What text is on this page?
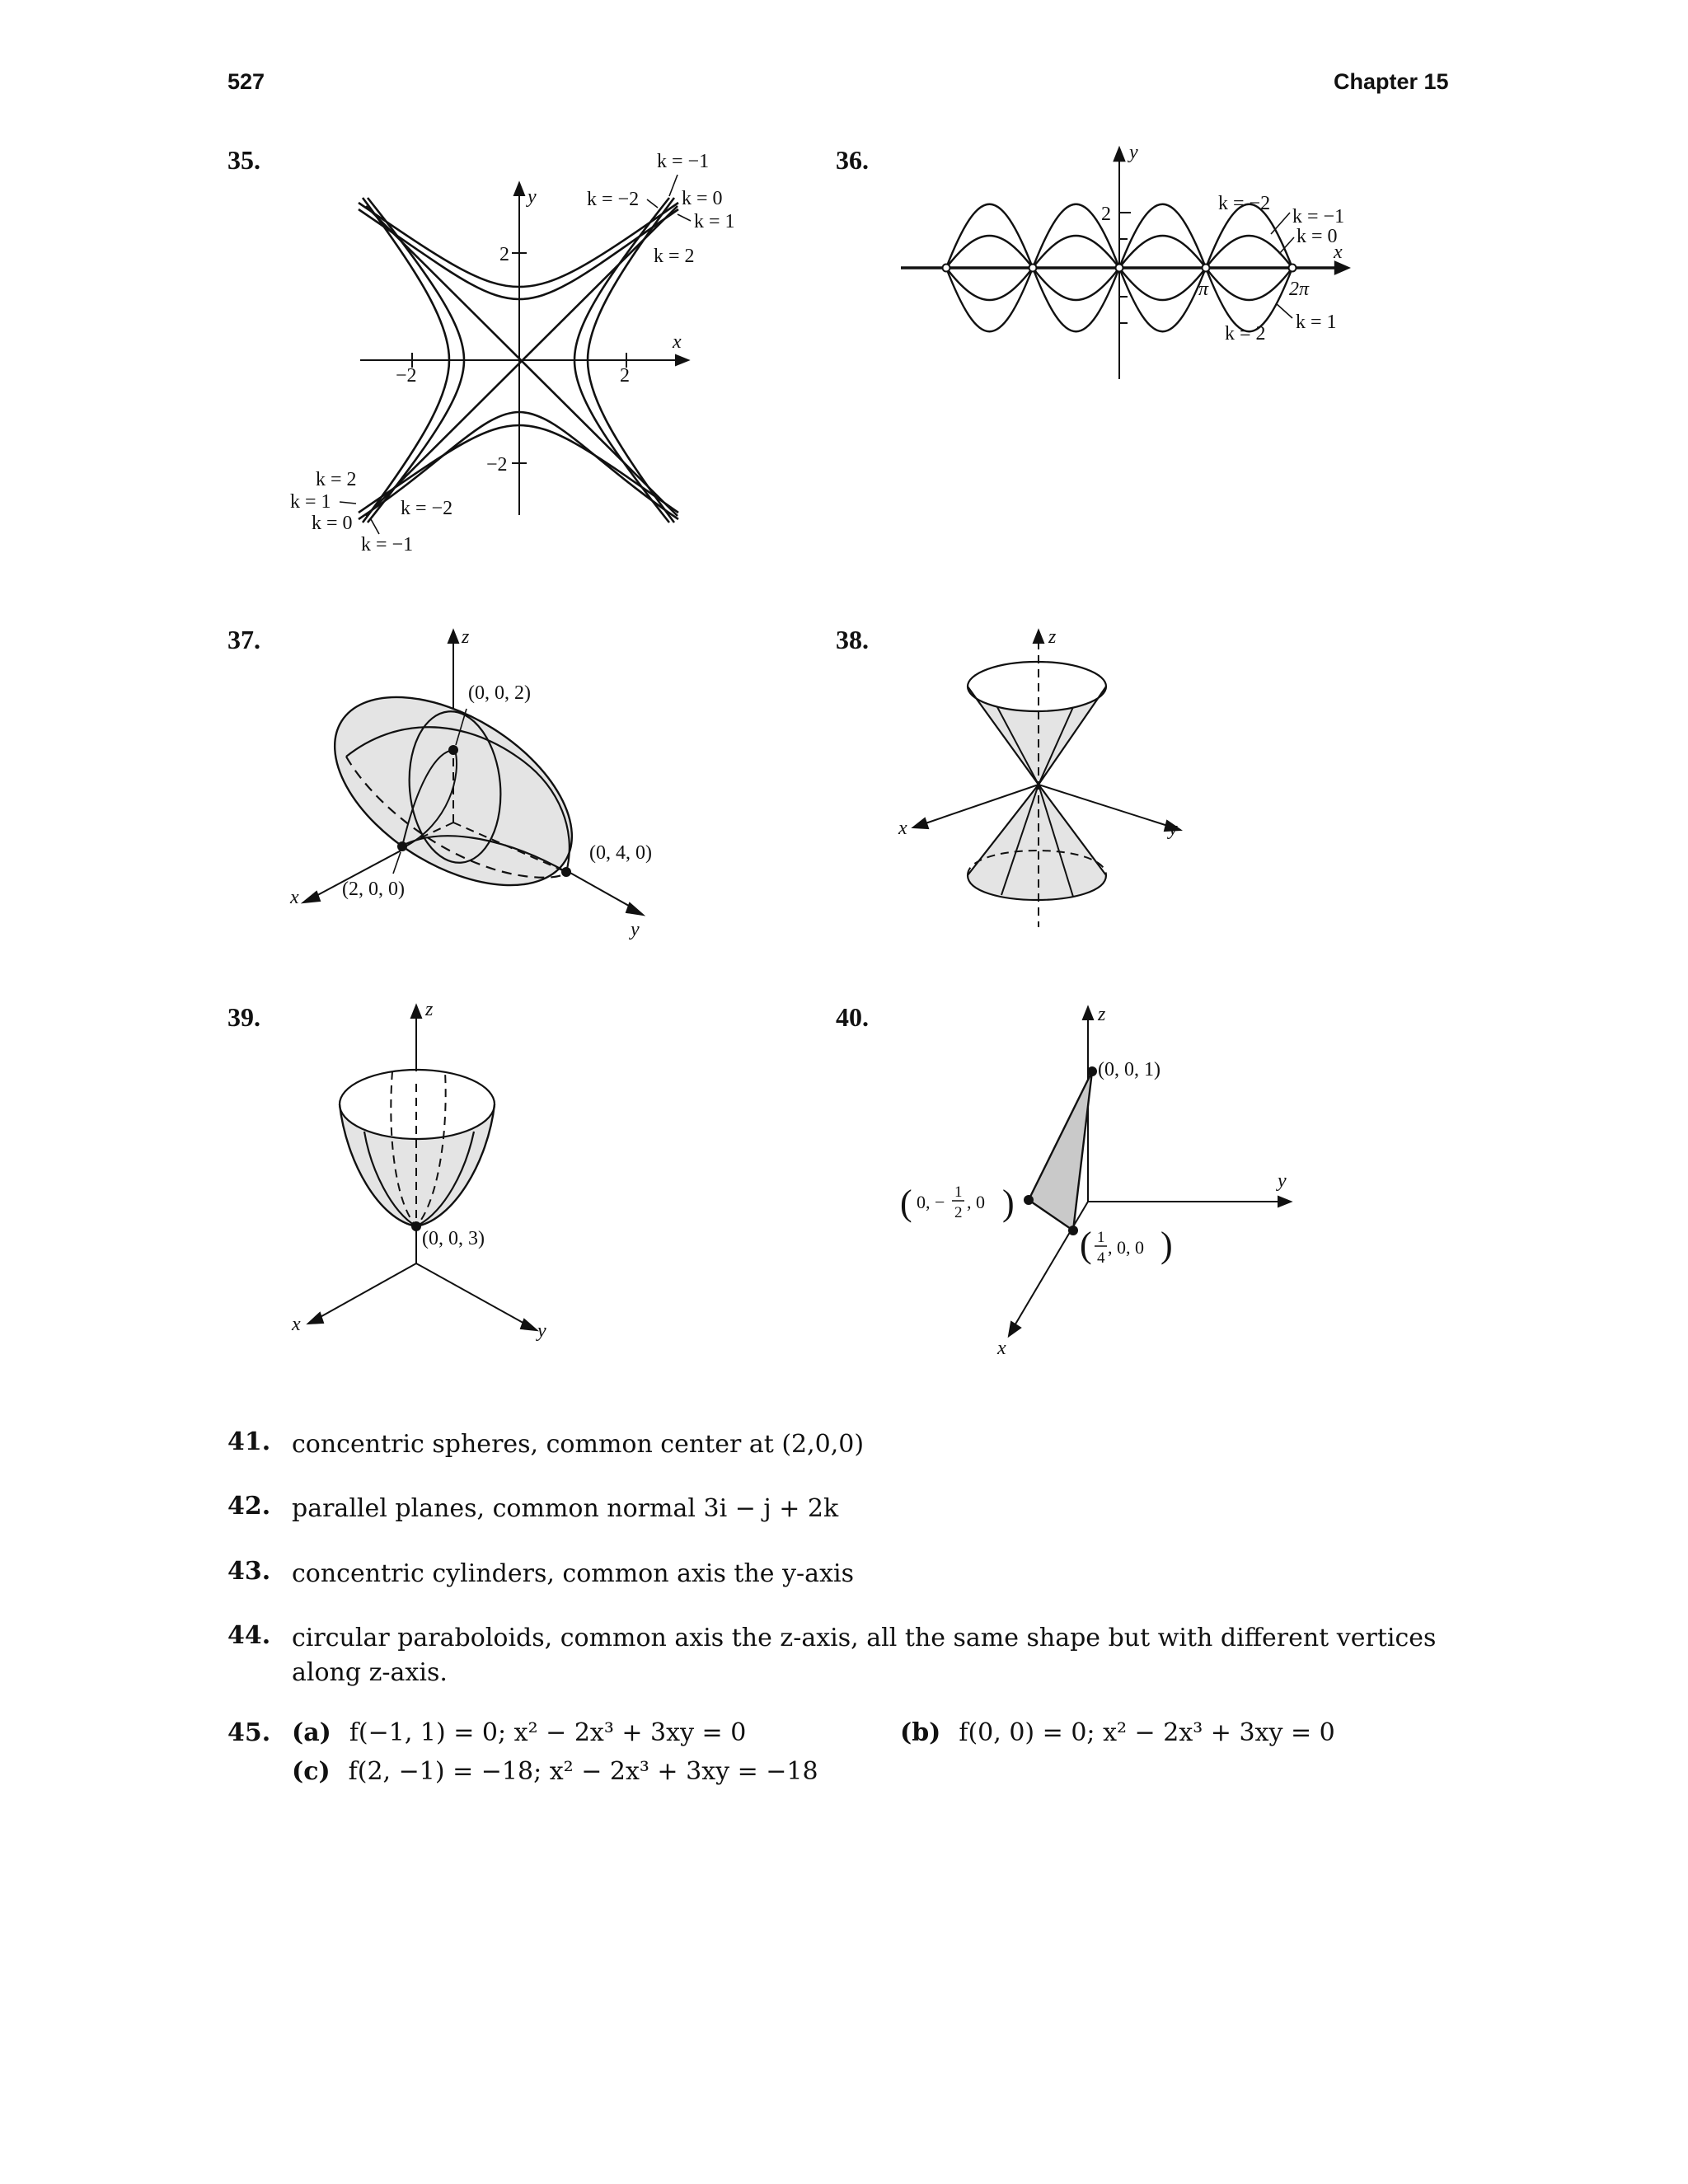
527	Chapter 15
35.	36.
37.	38.
39.	40.
x
y
−2	2
2
−2
k = −1
k = −2 k = 0
k = 1
k = 2
k = 2
k = 1
k = 0
k = −2
k = −1
y
x
2
π	2π
k = −2
k = −1
k = 0
k = 2
k = 1
z
x
y
(0, 0, 2)
(0, 4, 0)
(2, 0, 0)
z
x	y
z
x	y
(0, 0, 3)
z
y
x
(0, 0, 1)
( 0, − 1
2
, 0 )
( 1
4
, 0, 0 )
41. concentric spheres, common center at (2,0,0)
42. parallel planes, common normal 3i − j + 2k
43. concentric cylinders, common axis the y-axis
44. circular paraboloids, common axis the z-axis, all the same shape but with different vertices along z-axis.
45. (a) f(−1, 1) = 0; x² − 2x³ + 3xy = 0	(b) f(0, 0) = 0; x² − 2x³ + 3xy = 0
(c) f(2, −1) = −18; x² − 2x³ + 3xy = −18
